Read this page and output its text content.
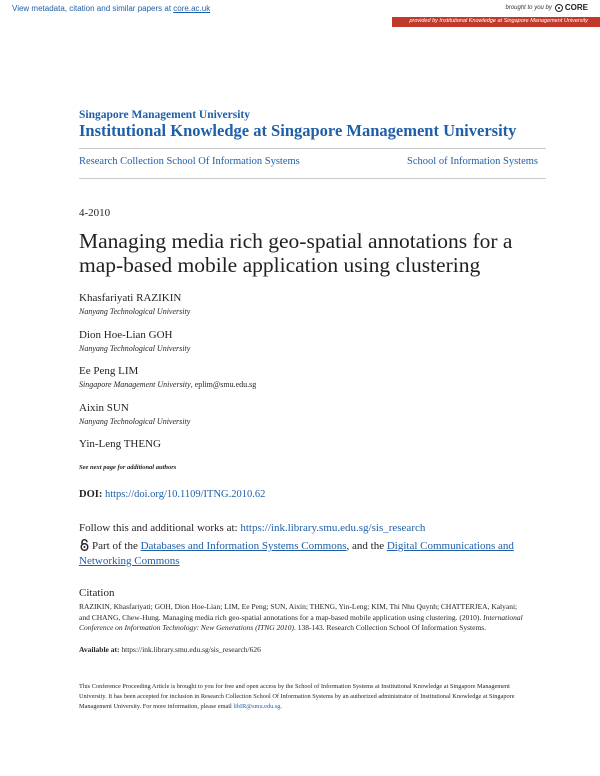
View metadata, citation and similar papers at core.ac.uk	brought to you by CORE
provided by Institutional Knowledge at Singapore Management University
Singapore Management University
Institutional Knowledge at Singapore Management University
Research Collection School Of Information Systems	School of Information Systems
4-2010
Managing media rich geo-spatial annotations for a map-based mobile application using clustering
Khasfariyati RAZIKIN
Nanyang Technological University
Dion Hoe-Lian GOH
Nanyang Technological University
Ee Peng LIM
Singapore Management University, eplim@smu.edu.sg
Aixin SUN
Nanyang Technological University
Yin-Leng THENG
See next page for additional authors
DOI: https://doi.org/10.1109/ITNG.2010.62
Follow this and additional works at: https://ink.library.smu.edu.sg/sis_research
Part of the Databases and Information Systems Commons, and the Digital Communications and Networking Commons
Citation
RAZIKIN, Khasfariyati; GOH, Dion Hoe-Lian; LIM, Ee Peng; SUN, Aixin; THENG, Yin-Leng; KIM, Thi Nhu Quynh; CHATTERJEA, Kalyani; and CHANG, Chew-Hung. Managing media rich geo-spatial annotations for a map-based mobile application using clustering. (2010). International Conference on Information Technology: New Generations (ITNG 2010). 138-143. Research Collection School Of Information Systems.
Available at: https://ink.library.smu.edu.sg/sis_research/626
This Conference Proceeding Article is brought to you for free and open access by the School of Information Systems at Institutional Knowledge at Singapore Management University. It has been accepted for inclusion in Research Collection School Of Information Systems by an authorized administrator of Institutional Knowledge at Singapore Management University. For more information, please email libIR@smu.edu.sg.
